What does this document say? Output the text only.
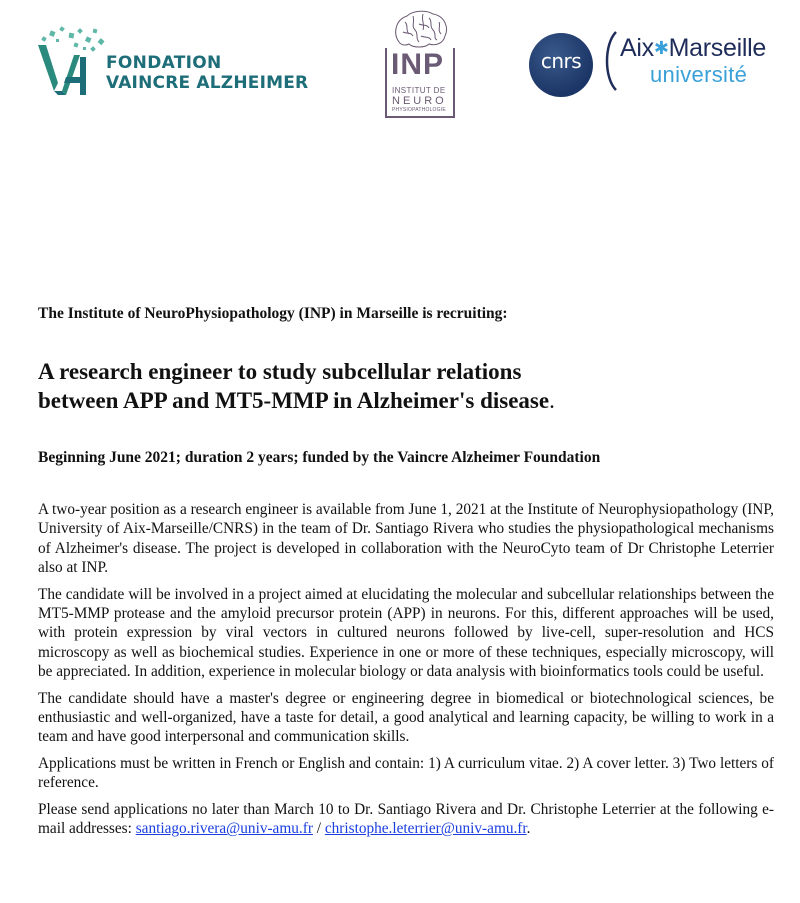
FONDATION
VAINCRE ALZHEIMER
INP
INSTITUT DE
NEURO
PHYSIOPATHOLOGIE
cnrs	Aix✱Marseille
université
The Institute of NeuroPhysiopathology (INP) in Marseille is recruiting:
A research engineer to study subcellular relations
between APP and MT5-MMP in Alzheimer's disease.
Beginning June 2021; duration 2 years; funded by the Vaincre Alzheimer Foundation

A two-year position as a research engineer is available from June 1, 2021 at the Institute of Neurophysiopathology (INP, University of Aix-Marseille/CNRS) in the team of Dr. Santiago Rivera who studies the physiopathological mechanisms of Alzheimer's disease. The project is developed in collaboration with the NeuroCyto team of Dr Christophe Leterrier also at INP.

The candidate will be involved in a project aimed at elucidating the molecular and subcellular relationships between the MT5-MMP protease and the amyloid precursor protein (APP) in neurons. For this, different approaches will be used, with protein expression by viral vectors in cultured neurons followed by live-cell, super-resolution and HCS microscopy as well as biochemical studies. Experience in one or more of these techniques, especially microscopy, will be appreciated. In addition, experience in molecular biology or data analysis with bioinformatics tools could be useful.

The candidate should have a master's degree or engineering degree in biomedical or biotechnological sciences, be enthusiastic and well-organized, have a taste for detail, a good analytical and learning capacity, be willing to work in a team and have good interpersonal and communication skills.

Applications must be written in French or English and contain: 1) A curriculum vitae. 2) A cover letter. 3) Two letters of reference.

Please send applications no later than March 10 to Dr. Santiago Rivera and Dr. Christophe Leterrier at the following e-mail addresses: santiago.rivera@univ-amu.fr / christophe.leterrier@univ-amu.fr.
